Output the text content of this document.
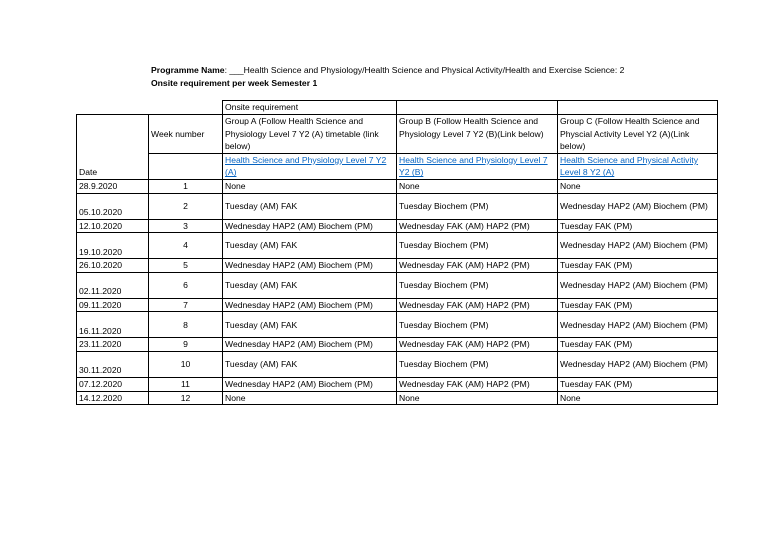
Programme Name: ___Health Science and Physiology/Health Science and Physical Activity/Health and Exercise Science: 2
Onsite requirement per week Semester 1
		Onsite requirement		
Date	Week number	Group A (Follow Health Science and Physiology Level 7 Y2 (A) timetable (link below)	Group B (Follow Health Science and Physiology Level 7 Y2 (B)(Link below)	Group C (Follow Health Science and Physcial Activity Level Y2 (A)(Link below)
		Health Science and Physiology Level 7 Y2 (A)	Health Science and Physiology Level 7 Y2 (B)	Health Science and Physical Activity Level 8 Y2 (A)
28.9.2020	1	None	None	None
05.10.2020	2	Tuesday (AM) FAK	Tuesday Biochem (PM)	Wednesday HAP2 (AM) Biochem (PM)
12.10.2020	3	Wednesday HAP2 (AM) Biochem (PM)	Wednesday FAK (AM) HAP2 (PM)	Tuesday FAK (PM)
19.10.2020	4	Tuesday (AM) FAK	Tuesday Biochem (PM)	Wednesday HAP2 (AM) Biochem (PM)
26.10.2020	5	Wednesday HAP2 (AM) Biochem (PM)	Wednesday FAK (AM) HAP2 (PM)	Tuesday FAK (PM)
02.11.2020	6	Tuesday (AM) FAK	Tuesday Biochem (PM)	Wednesday HAP2 (AM) Biochem (PM)
09.11.2020	7	Wednesday HAP2 (AM) Biochem (PM)	Wednesday FAK (AM) HAP2 (PM)	Tuesday FAK (PM)
16.11.2020	8	Tuesday (AM) FAK	Tuesday Biochem (PM)	Wednesday HAP2 (AM) Biochem (PM)
23.11.2020	9	Wednesday HAP2 (AM) Biochem (PM)	Wednesday FAK (AM) HAP2 (PM)	Tuesday FAK (PM)
30.11.2020	10	Tuesday (AM) FAK	Tuesday Biochem (PM)	Wednesday HAP2 (AM) Biochem (PM)
07.12.2020	11	Wednesday HAP2 (AM) Biochem (PM)	Wednesday FAK (AM) HAP2 (PM)	Tuesday FAK (PM)
14.12.2020	12	None	None	None
